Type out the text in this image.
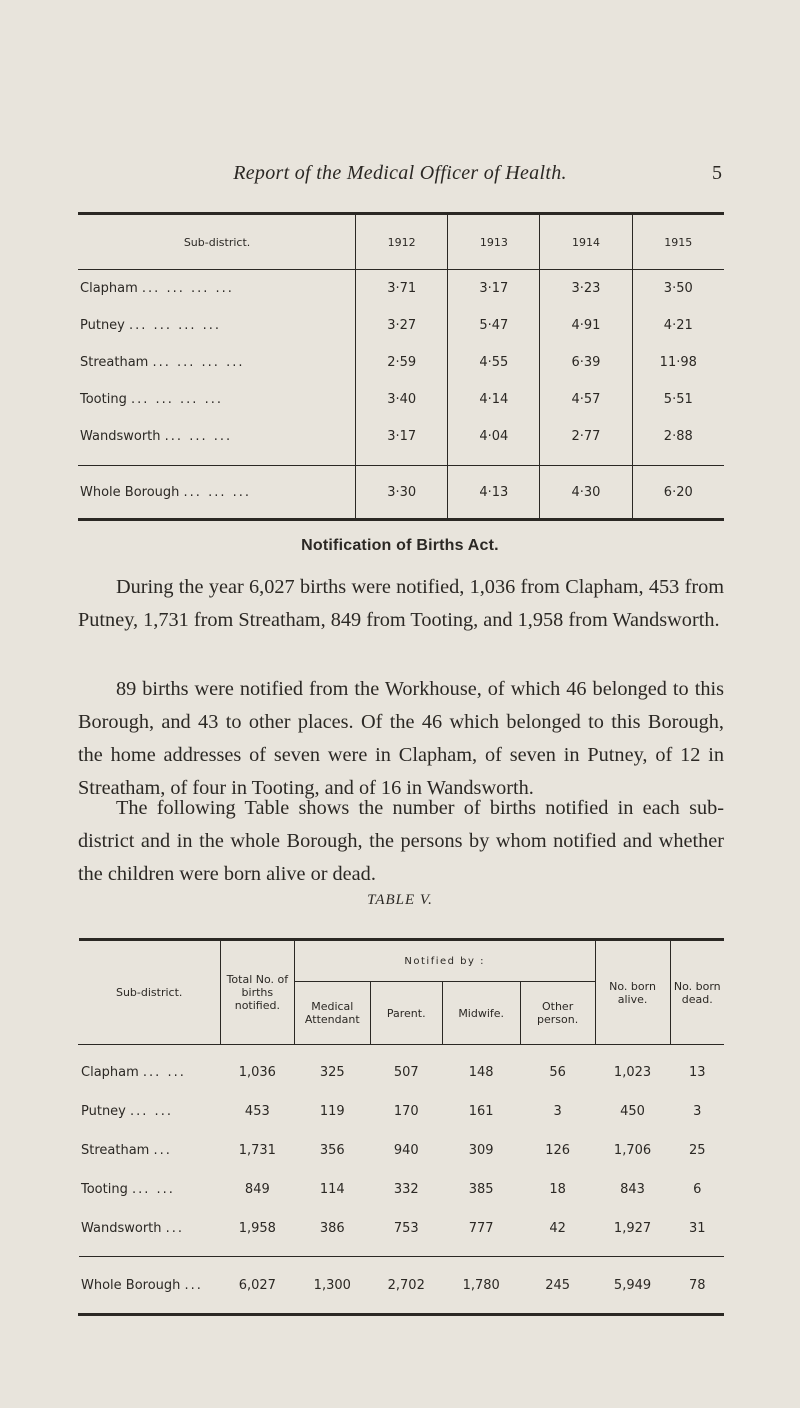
Report of the Medical Officer of Health.	5
Sub-district.	1912	1913	1914	1915
Clapham ... ... ... ...	3·71	3·17	3·23	3·50
Putney ... ... ... ...	3·27	5·47	4·91	4·21
Streatham ... ... ... ...	2·59	4·55	6·39	11·98
Tooting ... ... ... ...	3·40	4·14	4·57	5·51
Wandsworth ... ... ...	3·17	4·04	2·77	2·88

Whole Borough ... ... ...	3·30	4·13	4·30	6·20
Notification of Births Act.

During the year 6,027 births were notified, 1,036 from Clapham, 453 from Putney, 1,731 from Streatham, 849 from Tooting, and 1,958 from Wandsworth.

89 births were notified from the Workhouse, of which 46 belonged to this Borough, and 43 to other places. Of the 46 which belonged to this Borough, the home addresses of seven were in Clapham, of seven in Putney, of 12 in Streatham, of four in Tooting, and of 16 in Wandsworth.

The following Table shows the number of births notified in each sub-district and in the whole Borough, the persons by whom notified and whether the children were born alive or dead.

TABLE V.
Sub-district.	Total No. of births notified.	Notified by :				No. born alive.	No. born dead.
		Medical Attendant	Parent.	Midwife.	Other person.		

Clapham ... ...	1,036	325	507	148	56	1,023	13
Putney ... ...	453	119	170	161	3	450	3
Streatham ...	1,731	356	940	309	126	1,706	25
Tooting ... ...	849	114	332	385	18	843	6
Wandsworth ...	1,958	386	753	777	42	1,927	31

Whole Borough ...	6,027	1,300	2,702	1,780	245	5,949	78
